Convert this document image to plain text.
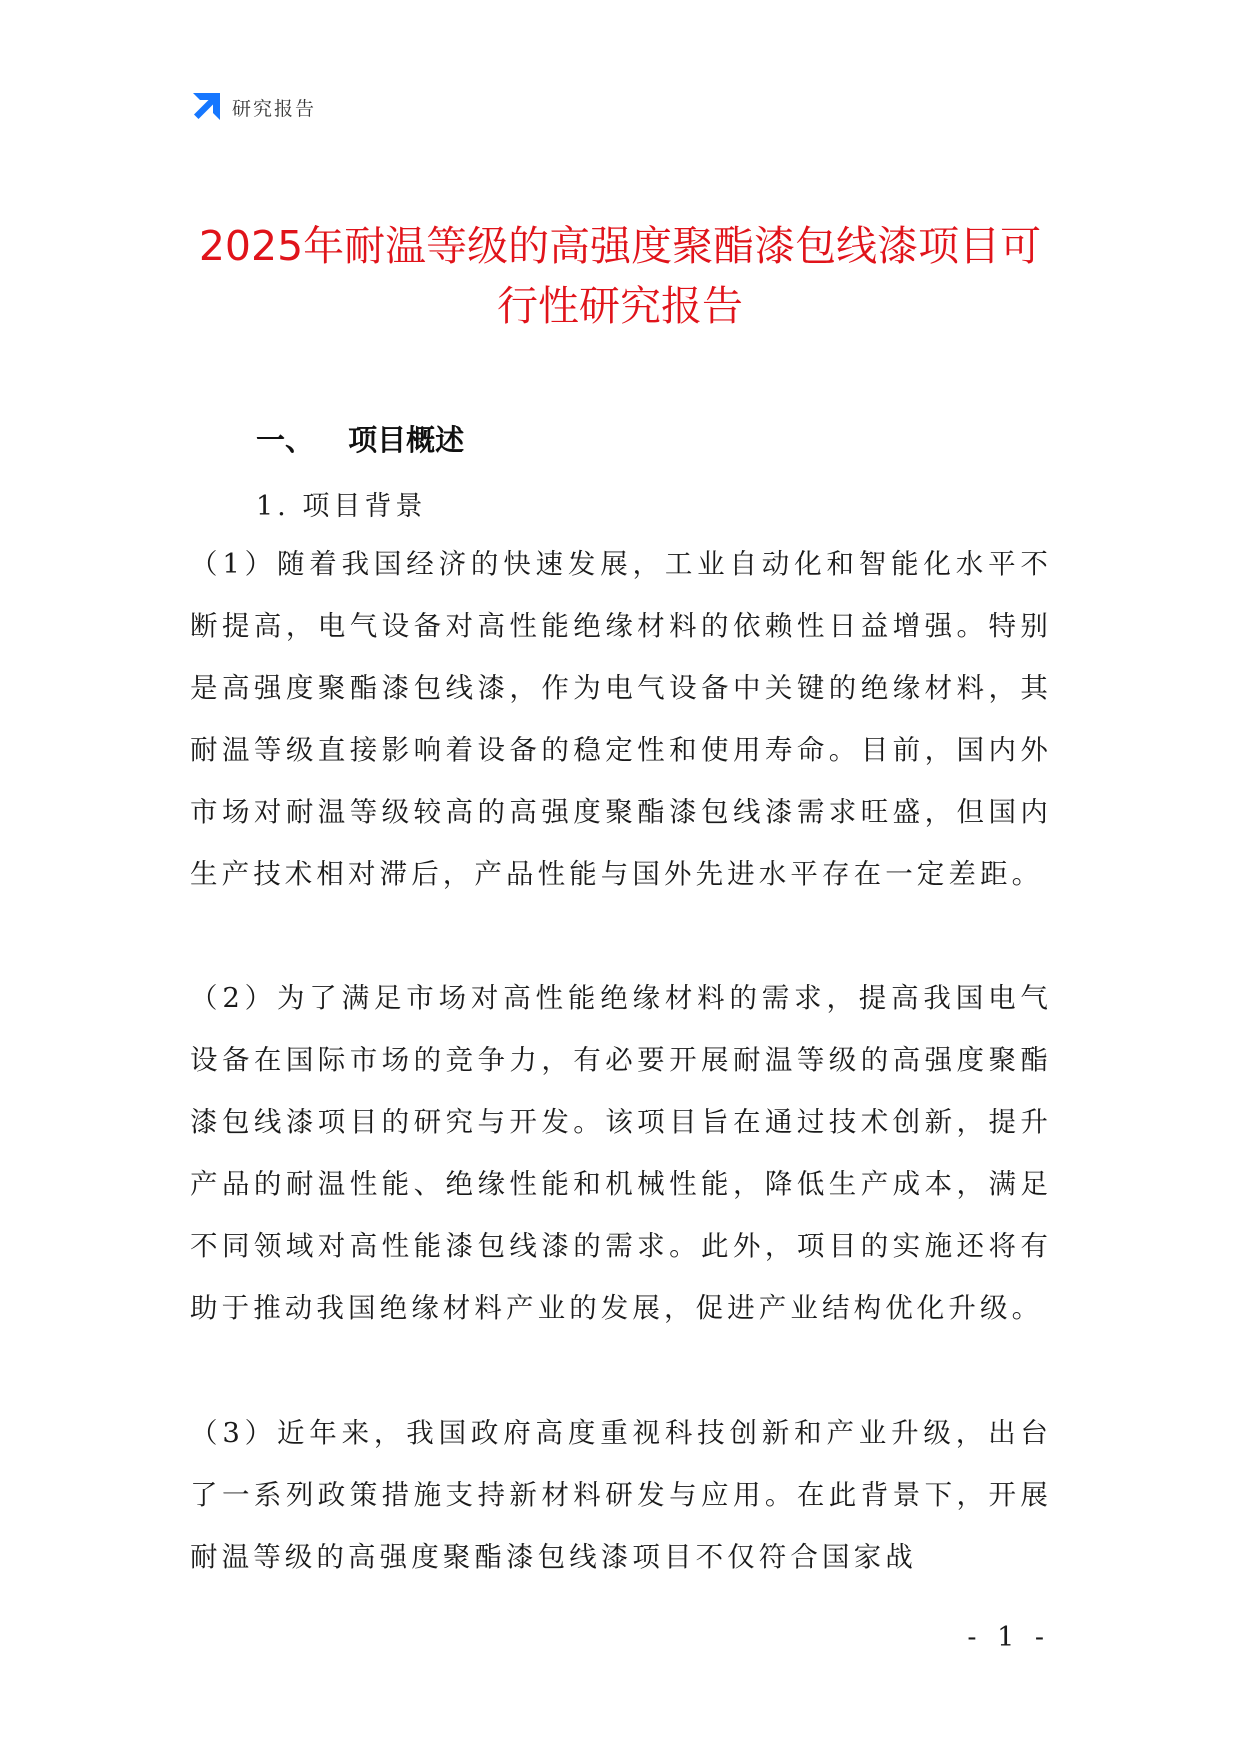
研究报告
2025年耐温等级的高强度聚酯漆包线漆项目可行性研究报告
一、 项目概述
1. 项目背景
（1）随着我国经济的快速发展，工业自动化和智能化水平不断提高，电气设备对高性能绝缘材料的依赖性日益增强。特别是高强度聚酯漆包线漆，作为电气设备中关键的绝缘材料，其耐温等级直接影响着设备的稳定性和使用寿命。目前，国内外市场对耐温等级较高的高强度聚酯漆包线漆需求旺盛，但国内生产技术相对滞后，产品性能与国外先进水平存在一定差距。
（2）为了满足市场对高性能绝缘材料的需求，提高我国电气设备在国际市场的竞争力，有必要开展耐温等级的高强度聚酯漆包线漆项目的研究与开发。该项目旨在通过技术创新，提升产品的耐温性能、绝缘性能和机械性能，降低生产成本，满足不同领域对高性能漆包线漆的需求。此外，项目的实施还将有助于推动我国绝缘材料产业的发展，促进产业结构优化升级。
（3）近年来，我国政府高度重视科技创新和产业升级，出台了一系列政策措施支持新材料研发与应用。在此背景下，开展耐温等级的高强度聚酯漆包线漆项目不仅符合国家战
- 1 -
